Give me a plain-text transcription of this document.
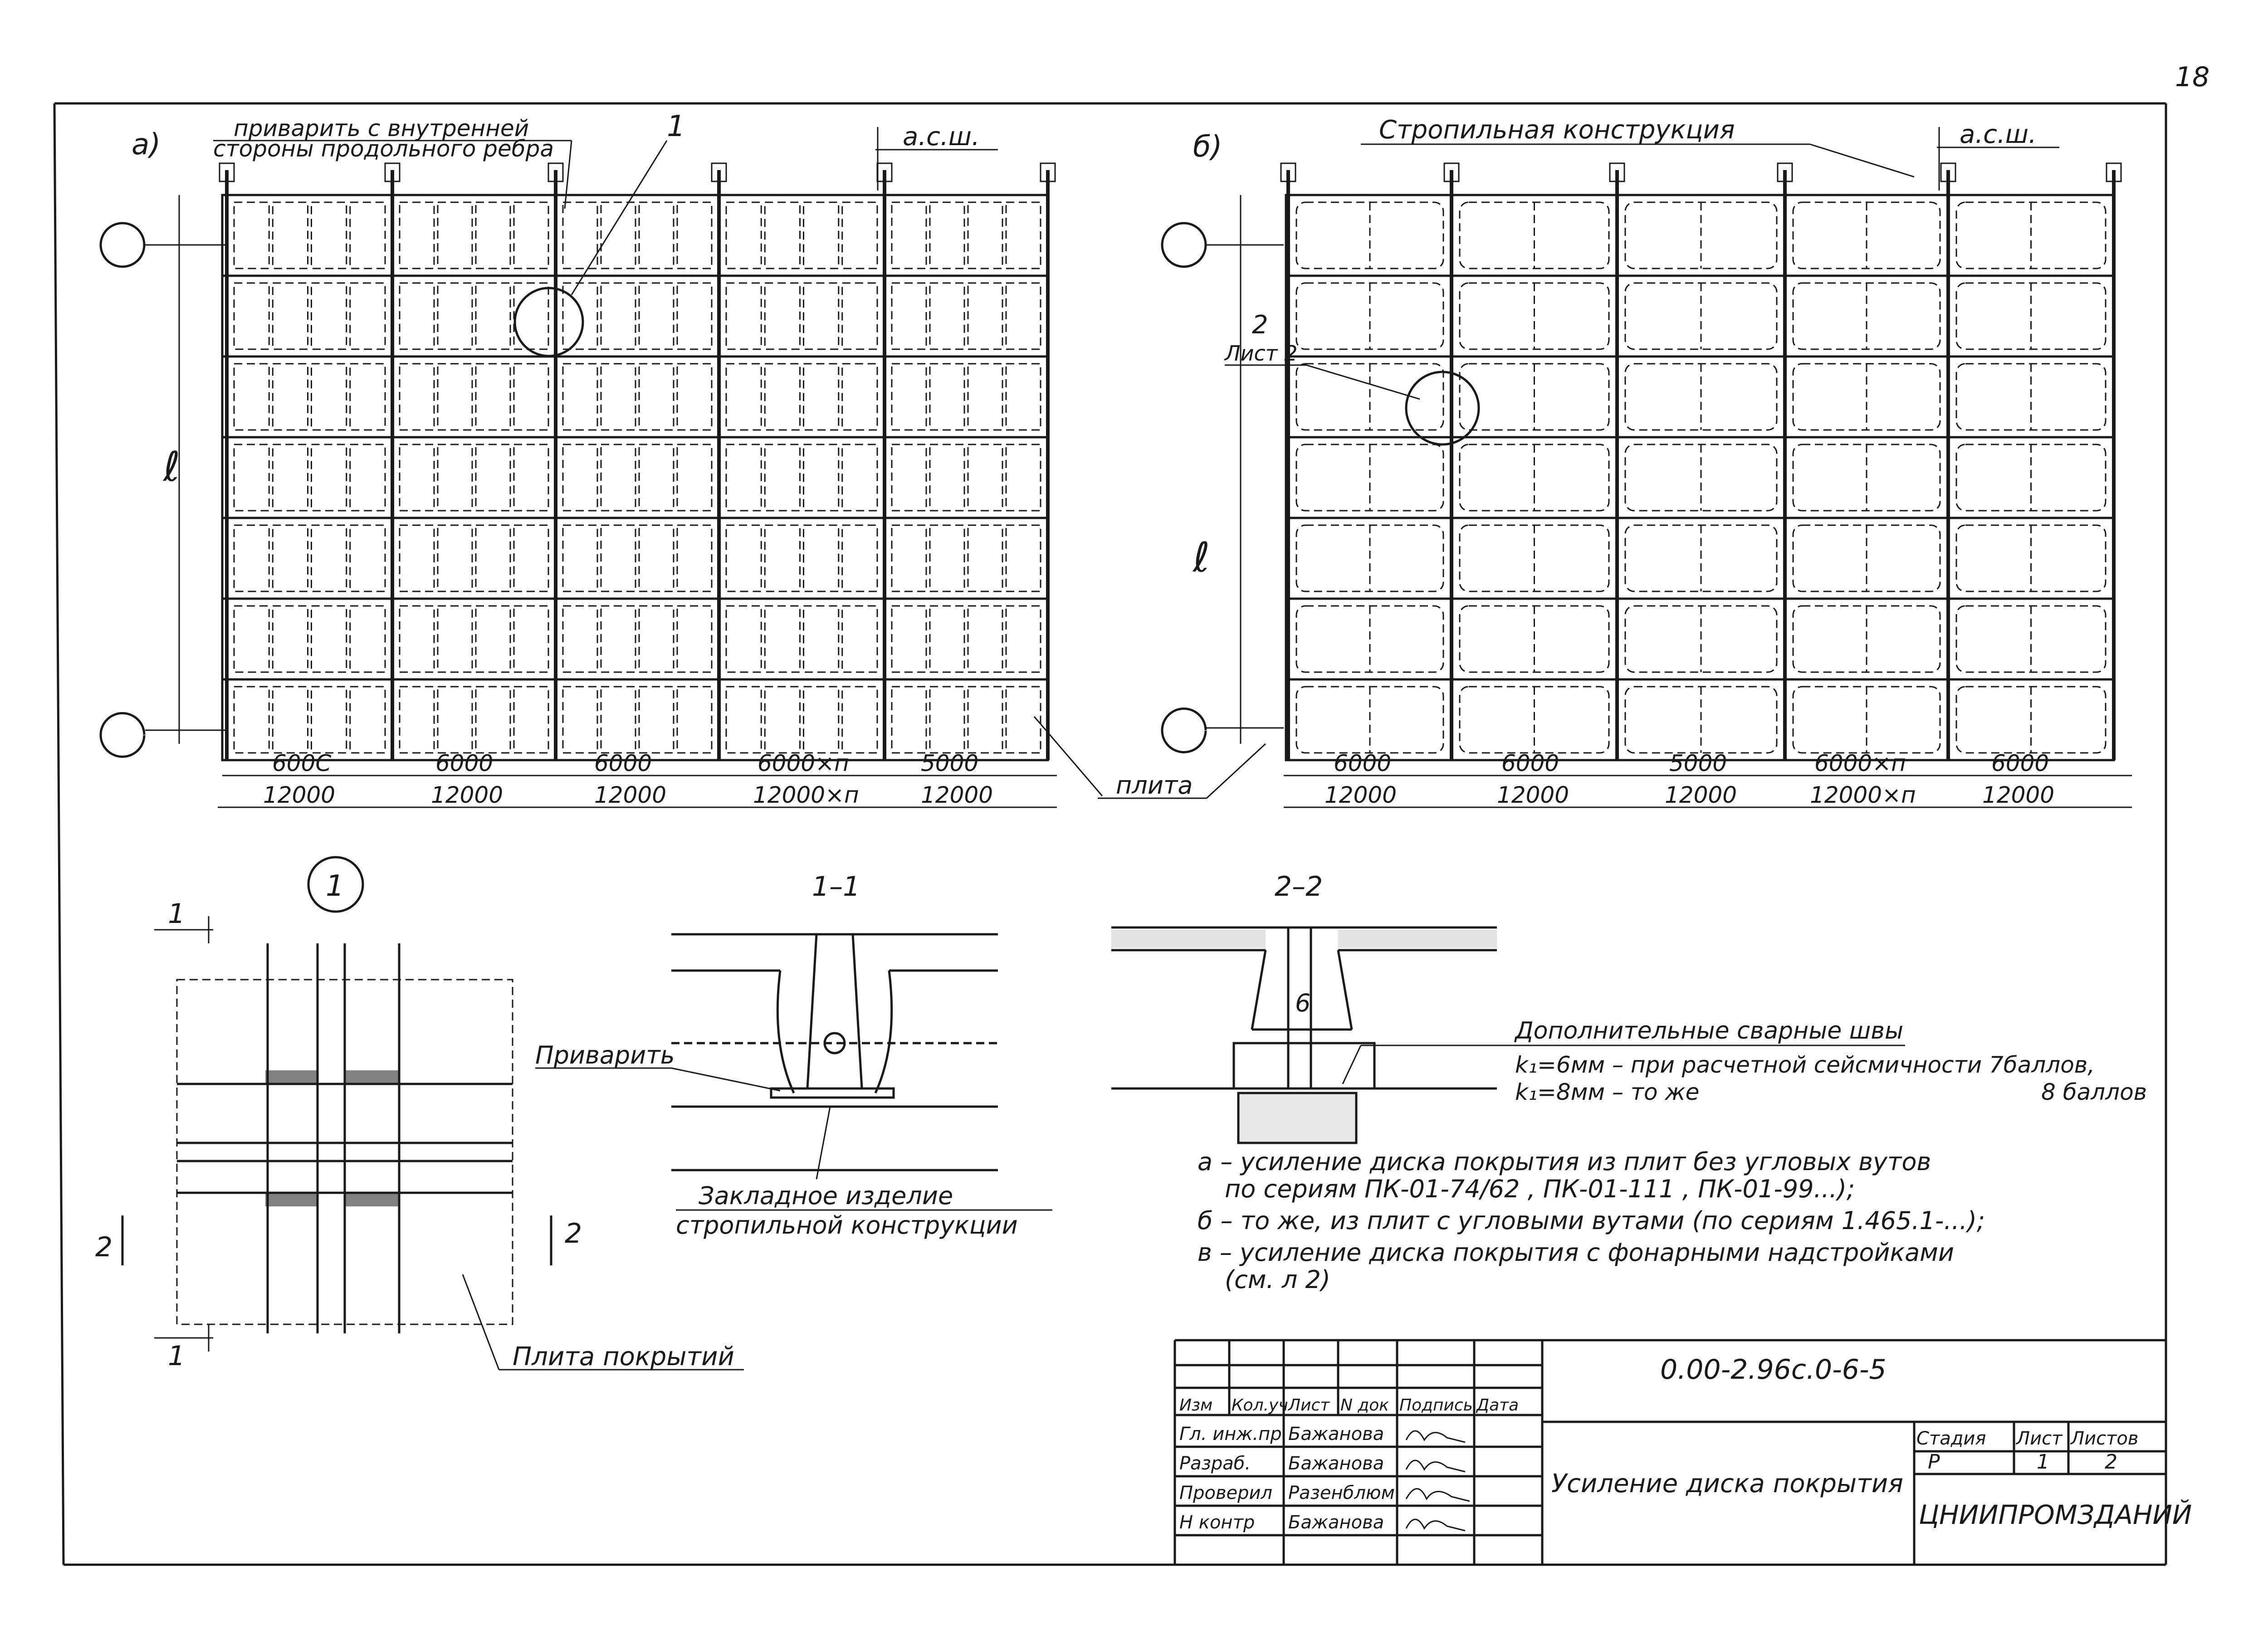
18
а)	приварить с внутренней
стороны продольного ребра
1	а.с.ш.
ℓ
600С	6000	6000	6000×п	5000
12000	12000	12000	12000×п	12000	плита
б)
Стропильная конструкция	а.с.ш.
ℓ
2
Лист 2
6000	6000	5000	6000×п	6000
12000	12000	12000	12000×п	12000
1
1
1
2	2
Плита покрытий
1–1
Приварить
Закладное изделие
стропильной конструкции
2–2
6
Дополнительные сварные швы
k₁=6мм – при расчетной сейсмичности 7баллов,
k₁=8мм – то же	8 баллов
а – усиление диска покрытия из плит без угловых вутов
по сериям ПК-01-74/62 , ПК-01-111 , ПК-01-99...);
б – то же, из плит с угловыми вутами (по сериям 1.465.1-...);
в – усиление диска покрытия с фонарными надстройками
(см. л 2)
0.00-2.96с.0-6-5
Усиление диска покрытия
Изм Кол.уч Лист N док Подпись Дата
Гл. инж.пр Бажанова
Разраб. Бажанова
Проверил Разенблюм
Н контр Бажанова
Стадия Лист Листов
Р	1	2
ЦНИИПРОМЗДАНИЙ
